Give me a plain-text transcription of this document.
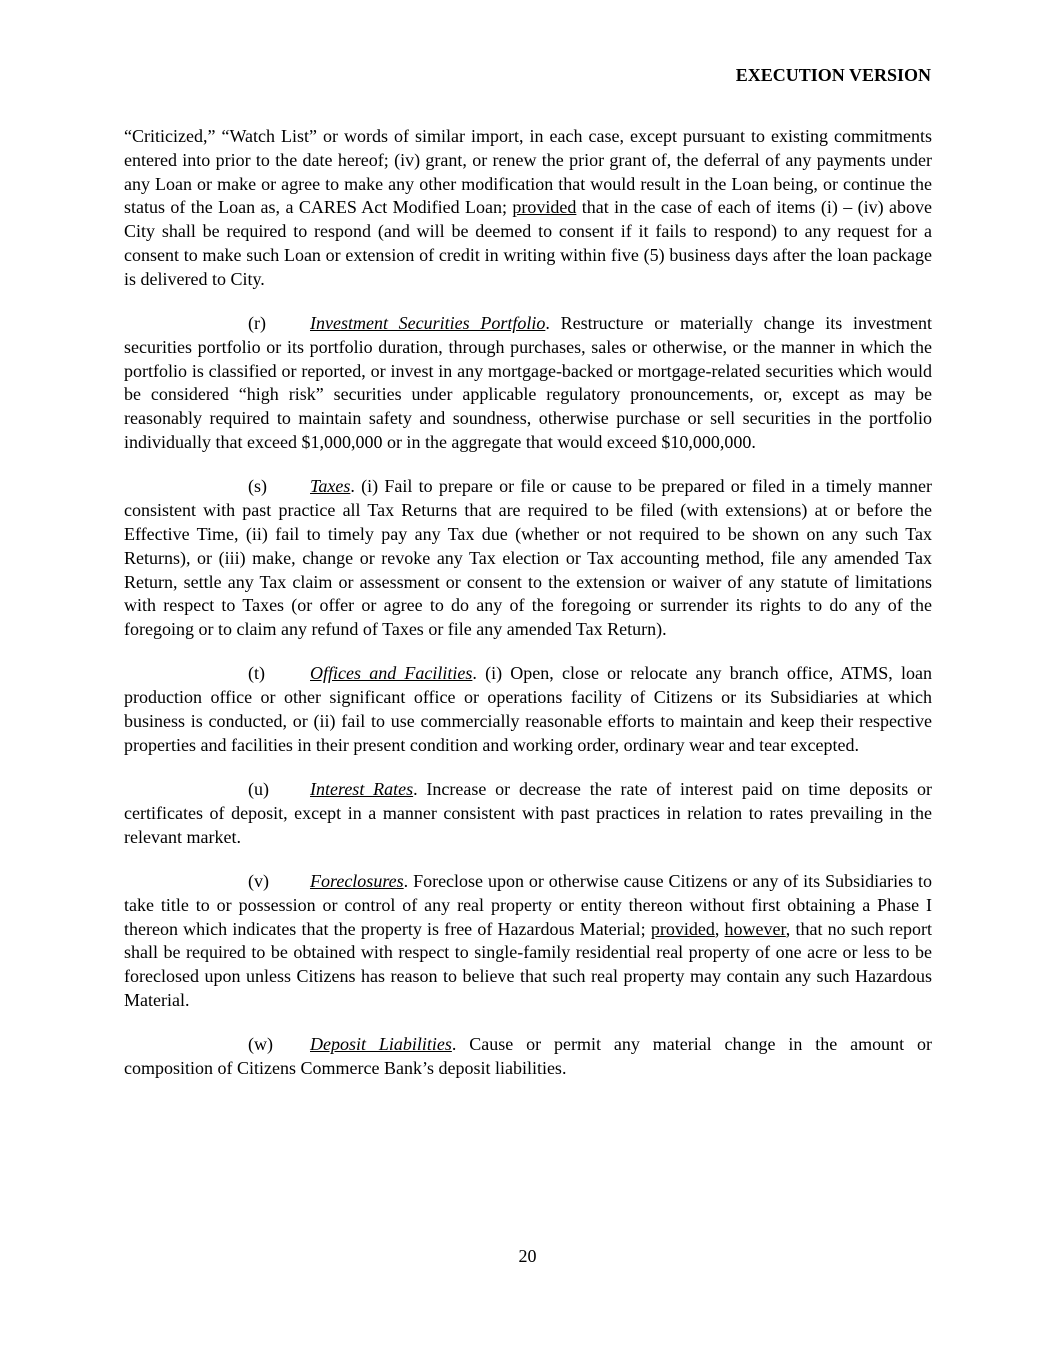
EXECUTION VERSION

“Criticized,” “Watch List” or words of similar import, in each case, except pursuant to existing commitments entered into prior to the date hereof; (iv) grant, or renew the prior grant of, the deferral of any payments under any Loan or make or agree to make any other modification that would result in the Loan being, or continue the status of the Loan as, a CARES Act Modified Loan; provided that in the case of each of items (i) – (iv) above City shall be required to respond (and will be deemed to consent if it fails to respond) to any request for a consent to make such Loan or extension of credit in writing within five (5) business days after the loan package is delivered to City.

(r) Investment Securities Portfolio. Restructure or materially change its investment securities portfolio or its portfolio duration, through purchases, sales or otherwise, or the manner in which the portfolio is classified or reported, or invest in any mortgage-backed or mortgage-related securities which would be considered “high risk” securities under applicable regulatory pronouncements, or, except as may be reasonably required to maintain safety and soundness, otherwise purchase or sell securities in the portfolio individually that exceed $1,000,000 or in the aggregate that would exceed $10,000,000.

(s) Taxes. (i) Fail to prepare or file or cause to be prepared or filed in a timely manner consistent with past practice all Tax Returns that are required to be filed (with extensions) at or before the Effective Time, (ii) fail to timely pay any Tax due (whether or not required to be shown on any such Tax Returns), or (iii) make, change or revoke any Tax election or Tax accounting method, file any amended Tax Return, settle any Tax claim or assessment or consent to the extension or waiver of any statute of limitations with respect to Taxes (or offer or agree to do any of the foregoing or surrender its rights to do any of the foregoing or to claim any refund of Taxes or file any amended Tax Return).

(t)	Offices and Facilities. (i) Open, close or relocate any branch office, ATMS, loan production office or other significant office or operations facility of Citizens or its Subsidiaries at which business is conducted, or (ii) fail to use commercially reasonable efforts to maintain and keep their respective properties and facilities in their present condition and working order, ordinary wear and tear excepted.

(u) Interest Rates. Increase or decrease the rate of interest paid on time deposits or certificates of deposit, except in a manner consistent with past practices in relation to rates prevailing in the relevant market.

(v) Foreclosures. Foreclose upon or otherwise cause Citizens or any of its Subsidiaries to take title to or possession or control of any real property or entity thereon without first obtaining a Phase I thereon which indicates that the property is free of Hazardous Material; provided, however, that no such report shall be required to be obtained with respect to single-family residential real property of one acre or less to be foreclosed upon unless Citizens has reason to believe that such real property may contain any such Hazardous Material.

(w) Deposit Liabilities. Cause or permit any material change in the amount or composition of Citizens Commerce Bank’s deposit liabilities.

20
